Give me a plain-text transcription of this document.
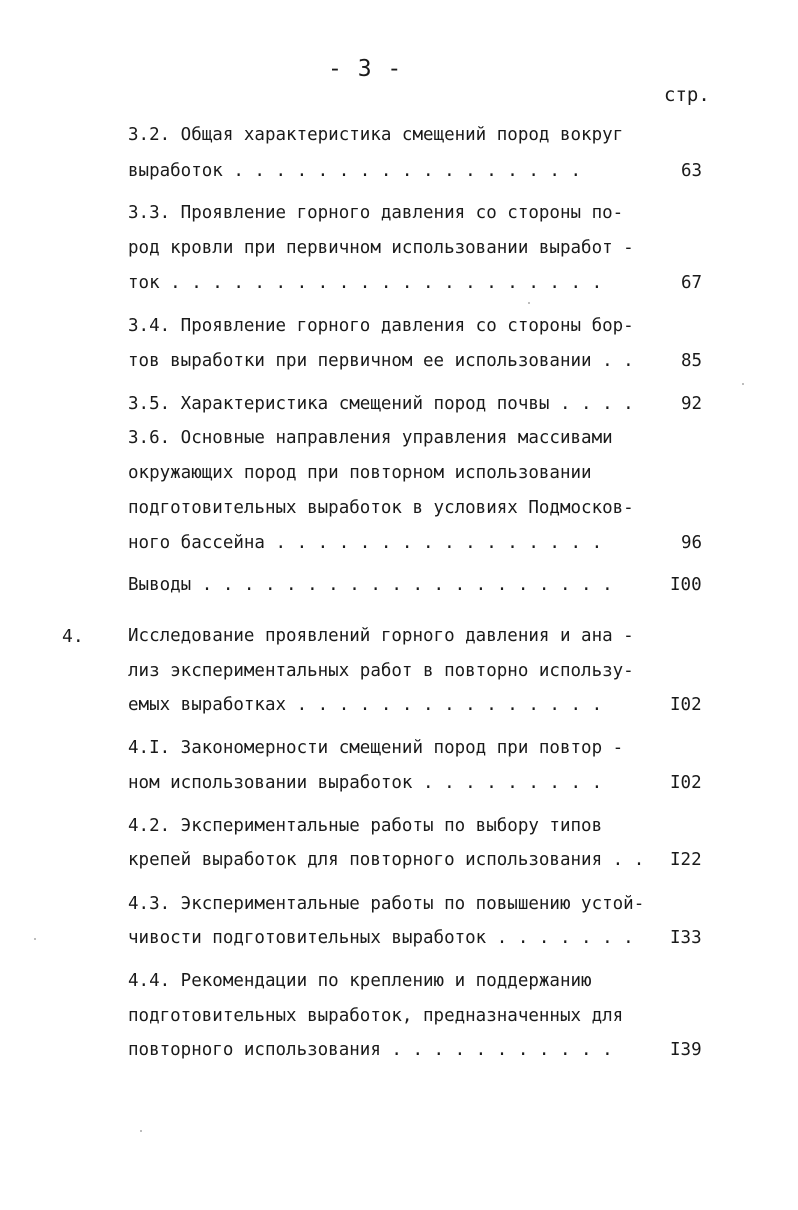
- 3 -
стр.
3.2. Общая характеристика смещений пород вокруг
выработок . . . . . . . . . . . . . . . . .	63
3.3. Проявление горного давления со стороны по-
род кровли при первичном использовании выработ -
ток . . . . . . . . . . . . . . . . . . . . .	67
3.4. Проявление горного давления со стороны бор-
тов выработки при первичном ее использовании . .	85
3.5. Характеристика смещений пород почвы . . . .	92
3.6. Основные направления управления массивами
окружающих пород при повторном использовании
подготовительных выработок в условиях Подмосков-
ного бассейна . . . . . . . . . . . . . . . .	96
Выводы . . . . . . . . . . . . . . . . . . . .	I00
4.	Исследование проявлений горного давления и ана -
лиз экспериментальных работ в повторно использу-
емых выработках . . . . . . . . . . . . . . .	I02
4.I. Закономерности смещений пород при повтор -
ном использовании выработок . . . . . . . . .	I02
4.2. Экспериментальные работы по выбору типов
крепей выработок для повторного использования . . I22
4.3. Экспериментальные работы по повышению устой-
чивости подготовительных выработок . . . . . . . I33
4.4. Рекомендации по креплению и поддержанию
подготовительных выработок, предназначенных для
повторного использования . . . . . . . . . . .	I39
